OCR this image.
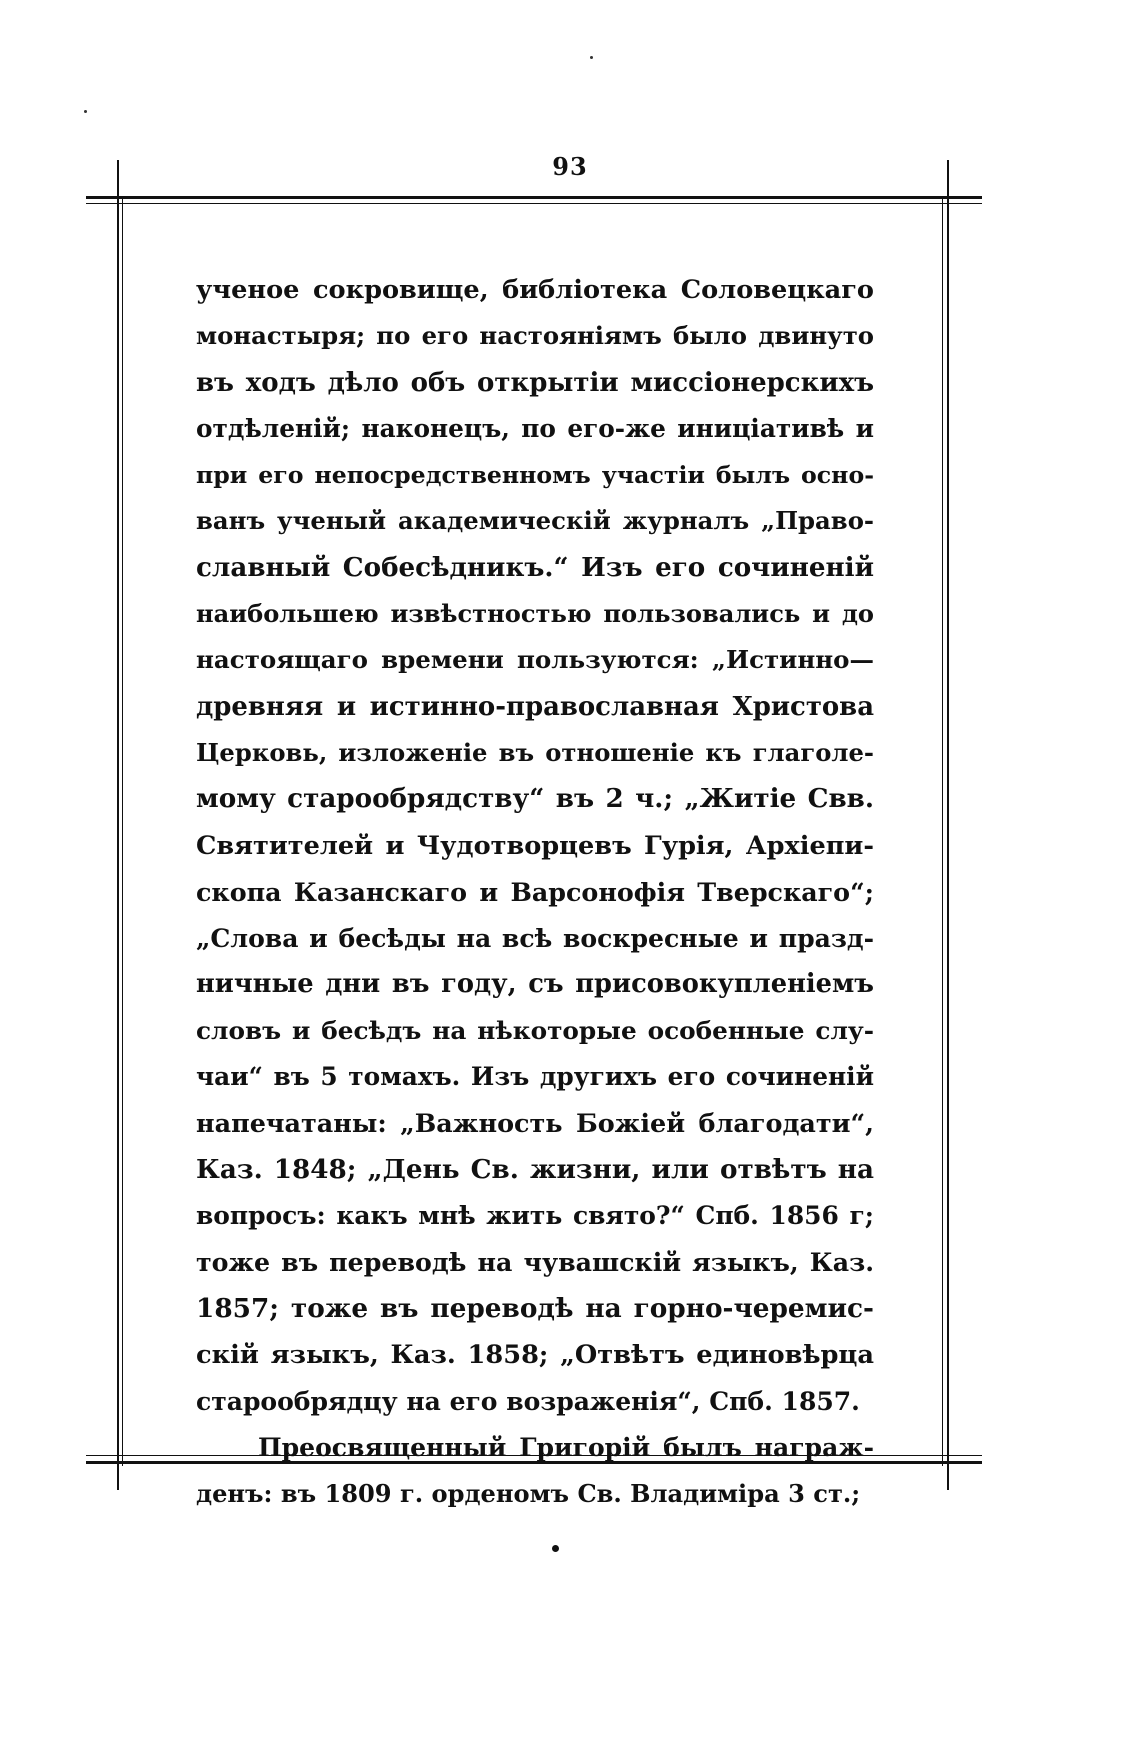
93
ученое сокровище, библіотека Соловецкаго
монастыря; по его настояніямъ было двинуто
въ ходъ дѣло объ открытіи миссіонерскихъ
отдѣленій; наконецъ, по его-же иниціативѣ и
при его непосредственномъ участіи былъ осно-
ванъ ученый академическій журналъ „Право-
славный Собесѣдникъ.“ Изъ его сочиненій
наибольшею извѣстностью пользовались и до
настоящаго времени пользуются: „Истинно—
древняя и истинно-православная Христова
Церковь, изложеніе въ отношеніе къ глаголе-
мому старообрядству“ въ 2 ч.; „Житіе Свв.
Святителей и Чудотворцевъ Гурія, Архіепи-
скопа Казанскаго и Варсонофія Тверскаго“;
„Слова и бесѣды на всѣ воскресные и празд-
ничные дни въ году, съ присовокупленіемъ
словъ и бесѣдъ на нѣкоторые особенные слу-
чаи“ въ 5 томахъ. Изъ другихъ его сочиненій
напечатаны: „Важность Божіей благодати“,
Каз. 1848; „День Св. жизни, или отвѣтъ на
вопросъ: какъ мнѣ жить свято?“ Спб. 1856 г;
тоже въ переводѣ на чувашскій языкъ, Каз.
1857; тоже въ переводѣ на горно-черемис-
скій языкъ, Каз. 1858; „Отвѣтъ единовѣрца
старообрядцу на его возраженія“, Спб. 1857.
Преосвященный Григорій былъ награж-
денъ: въ 1809 г. орденомъ Св. Владиміра 3 ст.;
